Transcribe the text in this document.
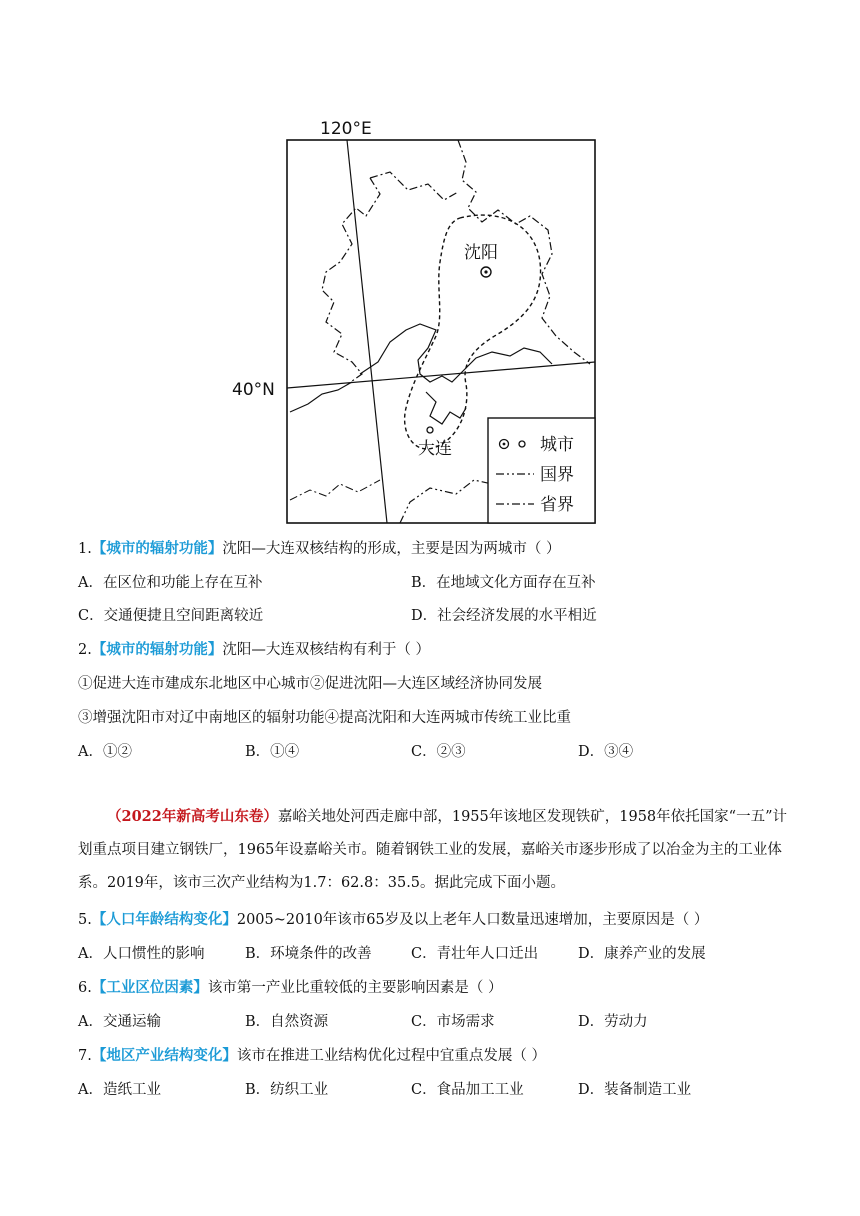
120°E
40°N
沈阳
大连	城市
国界
省界
1.【城市的辐射功能】沈阳—大连双核结构的形成，主要是因为两城市（ ）
A．在区位和功能上存在互补	B．在地域文化方面存在互补
C．交通便捷且空间距离较近	D．社会经济发展的水平相近
2.【城市的辐射功能】沈阳—大连双核结构有利于（ ）
①促进大连市建成东北地区中心城市②促进沈阳—大连区域经济协同发展
③增强沈阳市对辽中南地区的辐射功能④提高沈阳和大连两城市传统工业比重
A．①②	B．①④	C．②③	D．③④
（2022年新高考山东卷）嘉峪关地处河西走廊中部，1955年该地区发现铁矿，1958年依托国家“一五”计划重点项目建立钢铁厂，1965年设嘉峪关市。随着钢铁工业的发展，嘉峪关市逐步形成了以冶金为主的工业体系。2019年，该市三次产业结构为1.7：62.8：35.5。据此完成下面小题。
5.【人口年龄结构变化】2005~2010年该市65岁及以上老年人口数量迅速增加，主要原因是（ ）
A．人口惯性的影响	B．环境条件的改善	C．青壮年人口迁出	D．康养产业的发展
6.【工业区位因素】该市第一产业比重较低的主要影响因素是（ ）
A．交通运输	B．自然资源	C．市场需求	D．劳动力
7.【地区产业结构变化】该市在推进工业结构优化过程中宜重点发展（ ）
A．造纸工业	B．纺织工业	C．食品加工工业	D．装备制造工业
